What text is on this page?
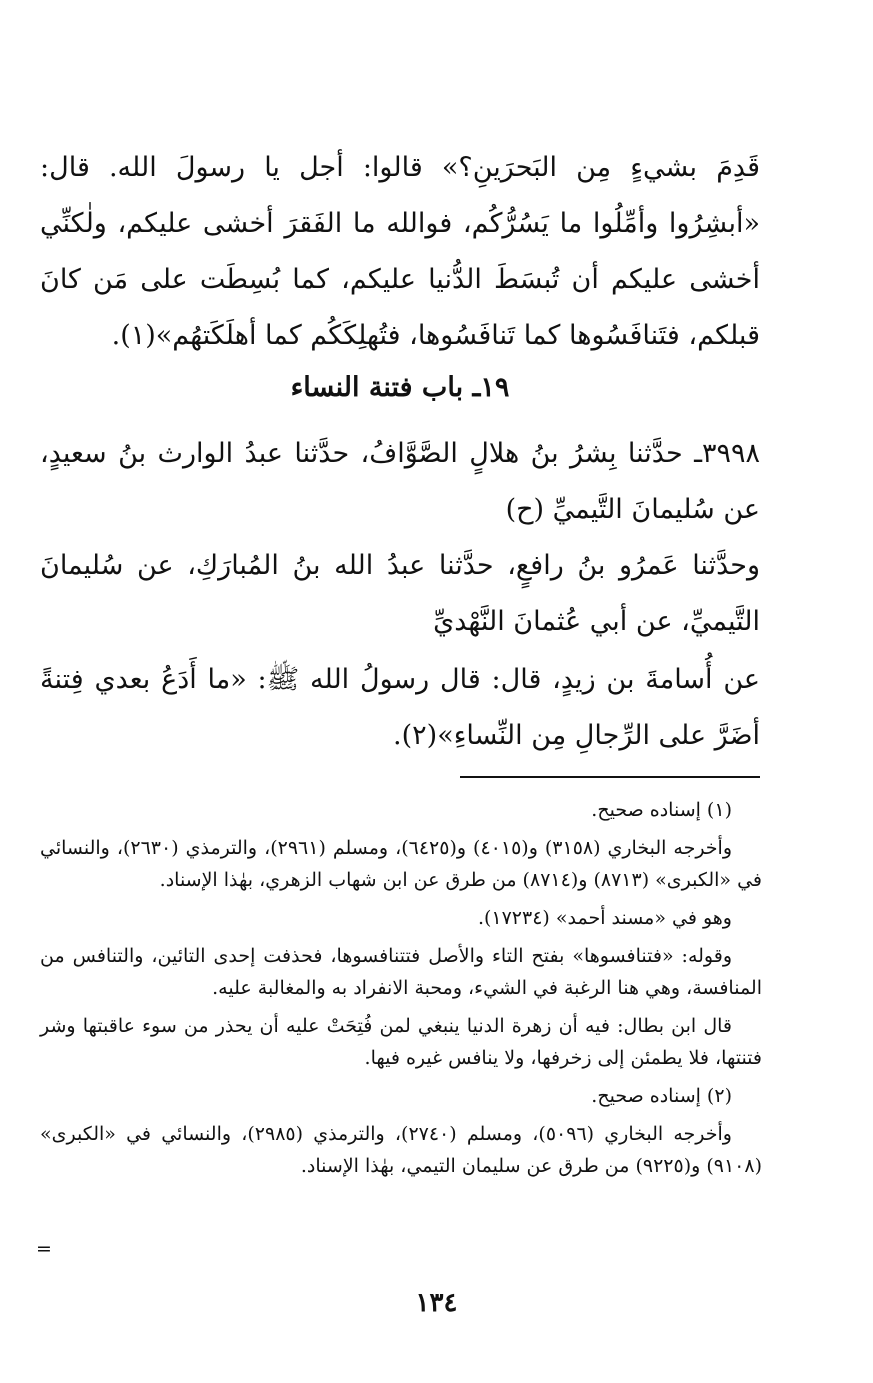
قَدِمَ بشيءٍ مِن البَحرَينِ؟» قالوا: أجل يا رسولَ الله. قال: «أبشِرُوا وأمِّلُوا ما يَسُرُّكُم، فوالله ما الفَقرَ أخشى عليكم، ولٰكنِّي أخشى عليكم أن تُبسَطَ الدُّنيا عليكم، كما بُسِطَت على مَن كانَ قبلكم، فتَنافَسُوها كما تَنافَسُوها، فتُهلِكَكُم كما أهلَكَتهُم»(١).
١٩ـ باب فتنة النساء
٣٩٩٨ـ حدَّثنا بِشرُ بنُ هلالٍ الصَّوَّافُ، حدَّثنا عبدُ الوارث بنُ سعيدٍ، عن سُليمانَ التَّيميِّ (ح)
وحدَّثنا عَمرُو بنُ رافعٍ، حدَّثنا عبدُ الله بنُ المُبارَكِ، عن سُليمانَ التَّيميِّ، عن أبي عُثمانَ النَّهْديِّ
عن أُسامةَ بن زيدٍ، قال: قال رسولُ الله ﷺ: «ما أَدَعُ بعدي فِتنةً أضَرَّ على الرِّجالِ مِن النِّساءِ»(٢).

(١) إسناده صحيح.

وأخرجه البخاري (٣١٥٨) و(٤٠١٥) و(٦٤٢٥)، ومسلم (٢٩٦١)، والترمذي (٢٦٣٠)، والنسائي في «الكبرى» (٨٧١٣) و(٨٧١٤) من طرق عن ابن شهاب الزهري، بهٰذا الإسناد.

وهو في «مسند أحمد» (١٧٢٣٤).

وقوله: «فتنافسوها» بفتح التاء والأصل فتتنافسوها، فحذفت إحدى التائين، والتنافس من المنافسة، وهي هنا الرغبة في الشيء، ومحبة الانفراد به والمغالبة عليه.

قال ابن بطال: فيه أن زهرة الدنيا ينبغي لمن فُتِحَتْ عليه أن يحذر من سوء عاقبتها وشر فتنتها، فلا يطمئن إلى زخرفها، ولا ينافس غيره فيها.

(٢) إسناده صحيح.

وأخرجه البخاري (٥٠٩٦)، ومسلم (٢٧٤٠)، والترمذي (٢٩٨٥)، والنسائي في «الكبرى» (٩١٠٨) و(٩٢٢٥) من طرق عن سليمان التيمي، بهٰذا الإسناد.

=
١٣٤
